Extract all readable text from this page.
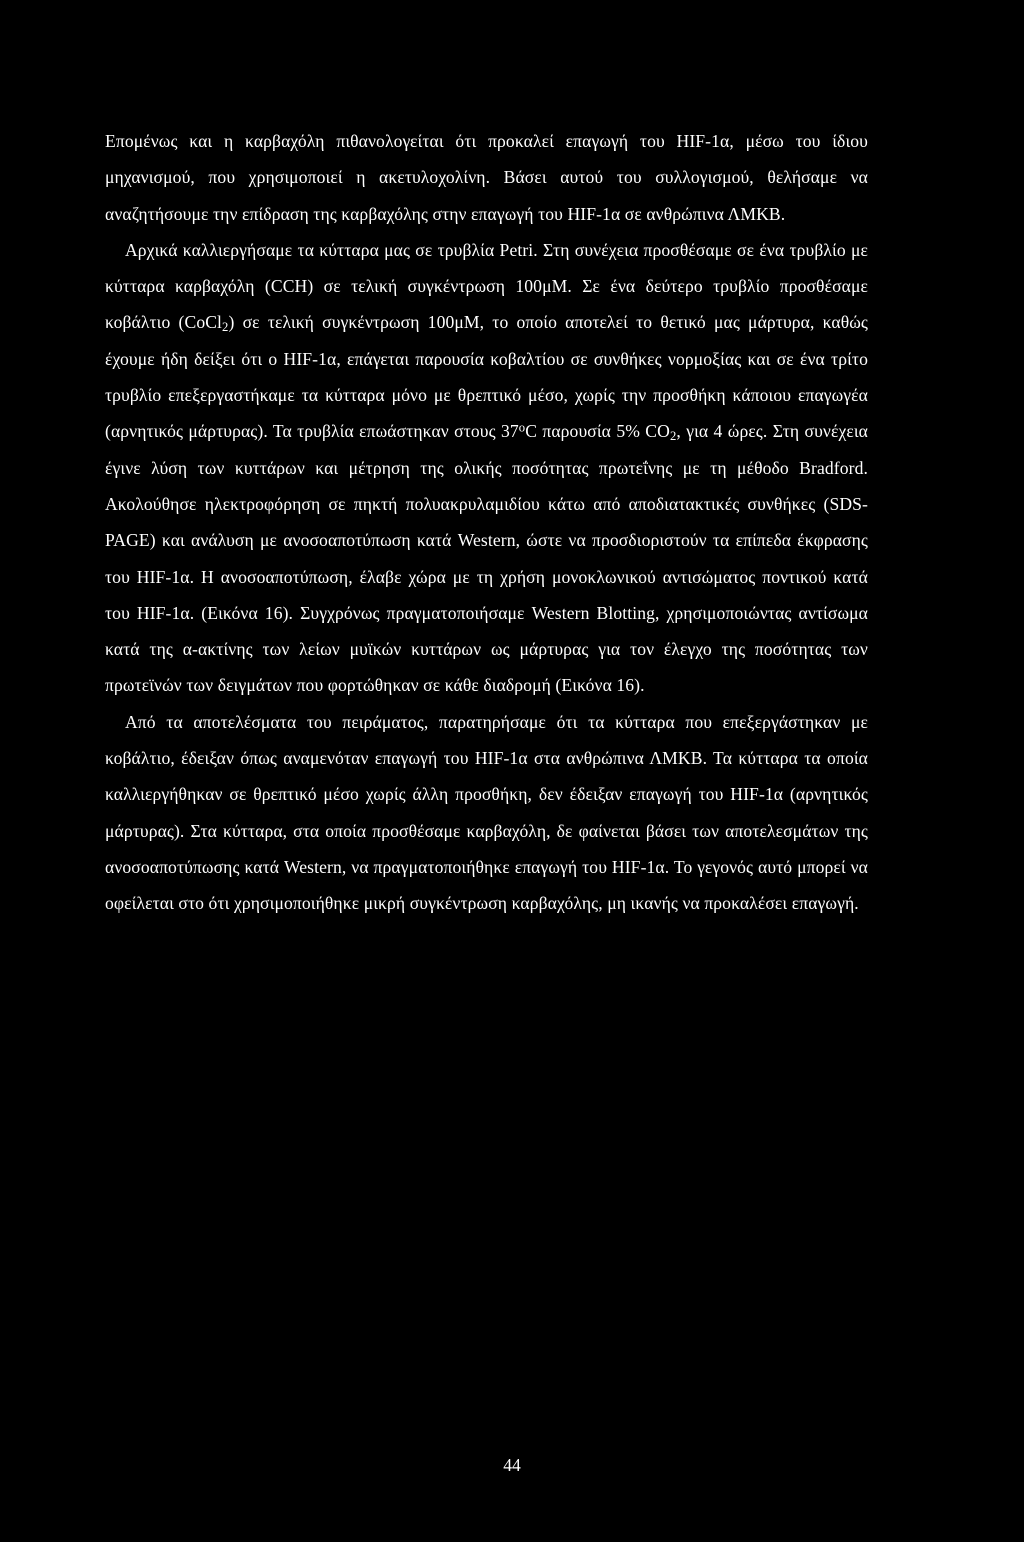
Επομένως και η καρβαχόλη πιθανολογείται ότι προκαλεί επαγωγή του HIF-1α, μέσω του ίδιου μηχανισμού, που χρησιμοποιεί η ακετυλοχολίνη. Βάσει αυτού του συλλογισμού, θελήσαμε να αναζητήσουμε την επίδραση της καρβαχόλης στην επαγωγή του HIF-1α σε ανθρώπινα ΛΜΚΒ.

Αρχικά καλλιεργήσαμε τα κύτταρα μας σε τρυβλία Petri. Στη συνέχεια προσθέσαμε σε ένα τρυβλίο με κύτταρα καρβαχόλη (CCH) σε τελική συγκέντρωση 100μΜ. Σε ένα δεύτερο τρυβλίο προσθέσαμε κοβάλτιο (CoCl$_2$) σε τελική συγκέντρωση 100μΜ, το οποίο αποτελεί το θετικό μας μάρτυρα, καθώς έχουμε ήδη δείξει ότι ο HIF-1α, επάγεται παρουσία κοβαλτίου σε συνθήκες νορμοξίας και σε ένα τρίτο τρυβλίο επεξεργαστήκαμε τα κύτταρα μόνο με θρεπτικό μέσο, χωρίς την προσθήκη κάποιου επαγωγέα (αρνητικός μάρτυρας). Τα τρυβλία επωάστηκαν στους 37$^o$C παρουσία 5% $CO_2$, για 4 ώρες. Στη συνέχεια έγινε λύση των κυττάρων και μέτρηση της ολικής ποσότητας πρωτεΐνης με τη μέθοδο Bradford. Ακολούθησε ηλεκτροφόρηση σε πηκτή πολυακρυλαμιδίου κάτω από αποδιατακτικές συνθήκες (SDS-PAGE) και ανάλυση με ανοσοαποτύπωση κατά Western, ώστε να προσδιοριστούν τα επίπεδα έκφρασης του HIF-1α. Η ανοσοαποτύπωση, έλαβε χώρα με τη χρήση μονοκλωνικού αντισώματος ποντικού κατά του HIF-1α. (Εικόνα 16). Συγχρόνως πραγματοποιήσαμε Western Blotting, χρησιμοποιώντας αντίσωμα κατά της α-ακτίνης των λείων μυϊκών κυττάρων ως μάρτυρας για τον έλεγχο της ποσότητας των πρωτεϊνών των δειγμάτων που φορτώθηκαν σε κάθε διαδρομή (Εικόνα 16).

Από τα αποτελέσματα του πειράματος, παρατηρήσαμε ότι τα κύτταρα που επεξεργάστηκαν με κοβάλτιο, έδειξαν όπως αναμενόταν επαγωγή του HIF-1α στα ανθρώπινα ΛΜΚΒ. Τα κύτταρα τα οποία καλλιεργήθηκαν σε θρεπτικό μέσο χωρίς άλλη προσθήκη, δεν έδειξαν επαγωγή του HIF-1α (αρνητικός μάρτυρας). Στα κύτταρα, στα οποία προσθέσαμε καρβαχόλη, δε φαίνεται βάσει των αποτελεσμάτων της ανοσοαποτύπωσης κατά Western, να πραγματοποιήθηκε επαγωγή του HIF-1α. Το γεγονός αυτό μπορεί να οφείλεται στο ότι χρησιμοποιήθηκε μικρή συγκέντρωση καρβαχόλης, μη ικανής να προκαλέσει επαγωγή.

44
